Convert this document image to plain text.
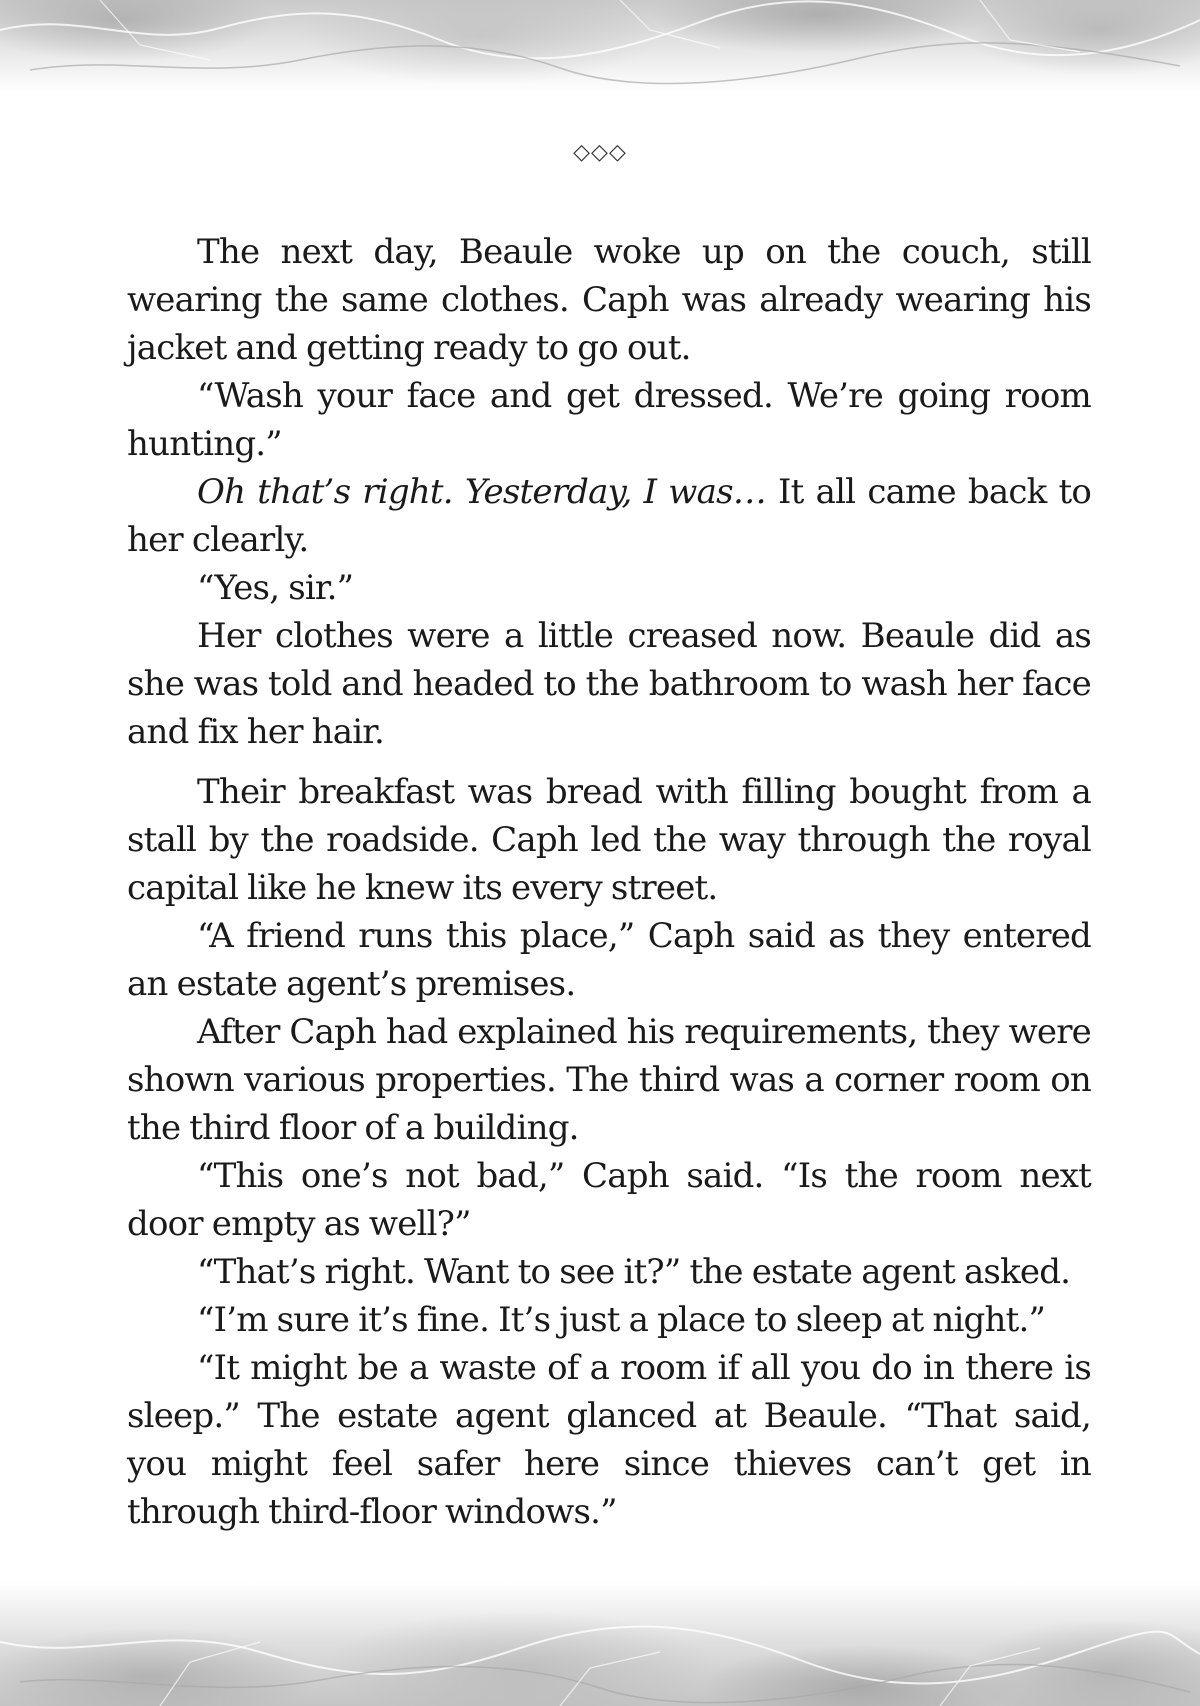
◇◇◇

The next day, Beaule woke up on the couch, still wearing the same clothes. Caph was already wearing his jacket and getting ready to go out.

“Wash your face and get dressed. We’re going room hunting.”

Oh that’s right. Yesterday, I was… It all came back to her clearly.

“Yes, sir.”

Her clothes were a little creased now. Beaule did as she was told and headed to the bathroom to wash her face and fix her hair.

Their breakfast was bread with filling bought from a stall by the roadside. Caph led the way through the royal capital like he knew its every street.

“A friend runs this place,” Caph said as they entered an estate agent’s premises.

After Caph had explained his requirements, they were shown various properties. The third was a corner room on the third floor of a building.

“This one’s not bad,” Caph said. “Is the room next door empty as well?”

“That’s right. Want to see it?” the estate agent asked.

“I’m sure it’s fine. It’s just a place to sleep at night.”

“It might be a waste of a room if all you do in there is sleep.” The estate agent glanced at Beaule. “That said, you might feel safer here since thieves can’t get in through third-floor windows.”
